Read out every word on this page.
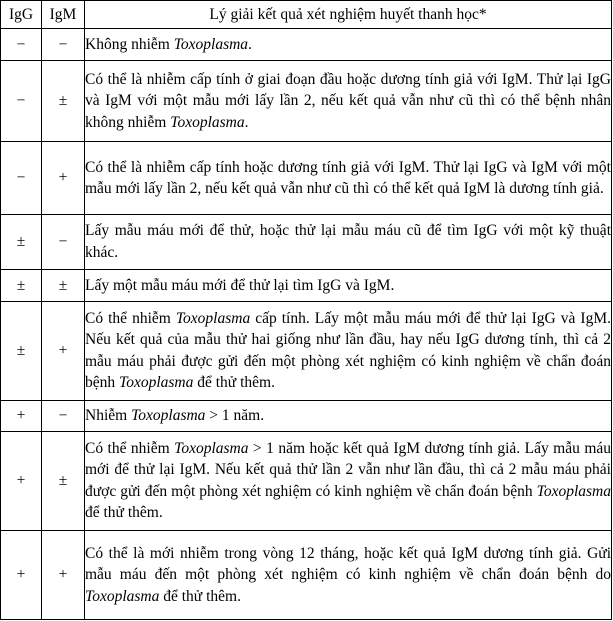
IgG	IgM	Lý giải kết quả xét nghiệm huyết thanh học*
−	−	Không nhiễm Toxoplasma.
−	±	Có thể là nhiễm cấp tính ở giai đoạn đầu hoặc dương tính giả với IgM. Thử lại IgG và IgM với một mẫu mới lấy lần 2, nếu kết quả vẫn như cũ thì có thể bệnh nhân không nhiễm Toxoplasma.
−	+	Có thể là nhiễm cấp tính hoặc dương tính giả với IgM. Thử lại IgG và IgM với một mẫu mới lấy lần 2, nếu kết quả vẫn như cũ thì có thể kết quả IgM là dương tính giả.
±	−	Lấy mẫu máu mới để thử, hoặc thử lại mẫu máu cũ để tìm IgG với một kỹ thuật khác.
±	±	Lấy một mẫu máu mới để thử lại tìm IgG và IgM.
±	+	Có thể nhiễm Toxoplasma cấp tính. Lấy một mẫu máu mới để thử lại IgG và IgM. Nếu kết quả của mẫu thử hai giống như lần đầu, hay nếu IgG dương tính, thì cả 2 mẫu máu phải được gửi đến một phòng xét nghiệm có kinh nghiệm về chẩn đoán bệnh Toxoplasma để thử thêm.
+	−	Nhiễm Toxoplasma > 1 năm.
+	±	Có thể nhiễm Toxoplasma > 1 năm hoặc kết quả IgM dương tính giả. Lấy mẫu máu mới để thử lại IgM. Nếu kết quả thử lần 2 vẫn như lần đầu, thì cả 2 mẫu máu phải được gửi đến một phòng xét nghiệm có kinh nghiệm về chẩn đoán bệnh Toxoplasma để thử thêm.
+	+	Có thể là mới nhiễm trong vòng 12 tháng, hoặc kết quả IgM dương tính giả. Gửi mẫu máu đến một phòng xét nghiệm có kinh nghiệm về chẩn đoán bệnh do Toxoplasma để thử thêm.
